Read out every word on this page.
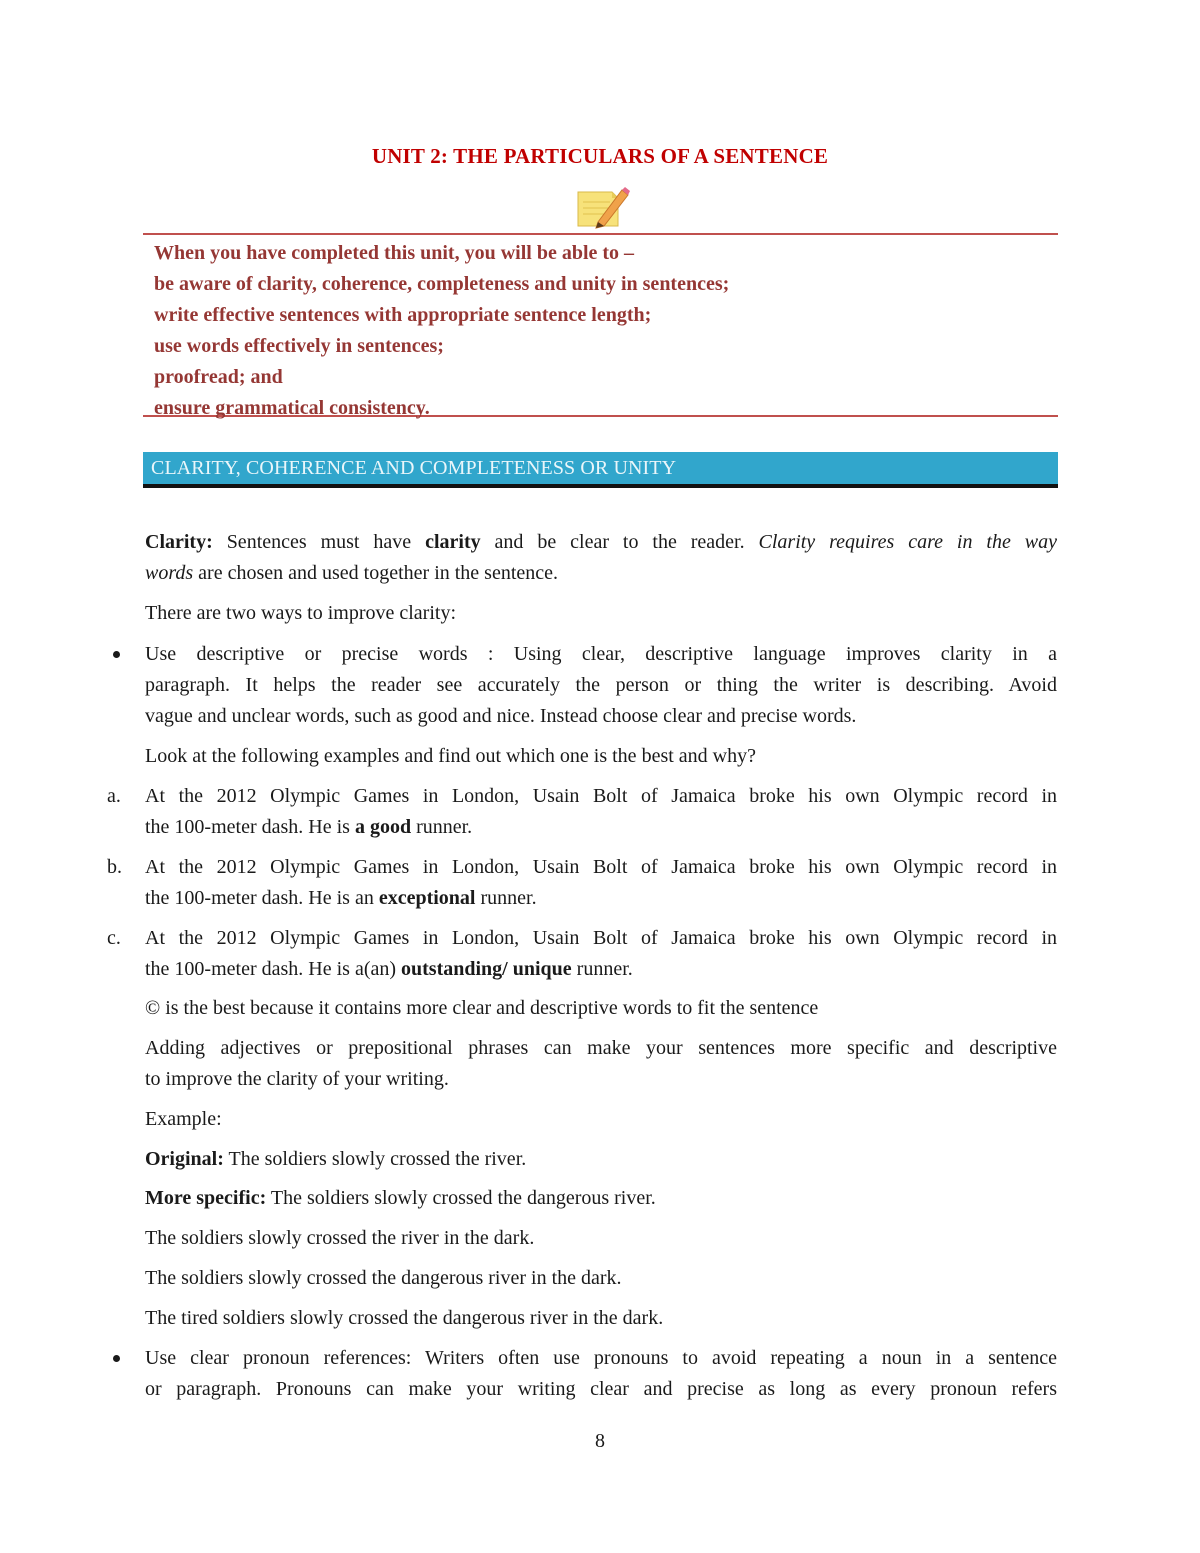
UNIT 2: THE PARTICULARS OF A SENTENCE
When you have completed this unit, you will be able to –
be aware of clarity, coherence, completeness and unity in sentences;
write effective sentences with appropriate sentence length;
use words effectively in sentences;
proofread; and
ensure grammatical consistency.
CLARITY, COHERENCE AND COMPLETENESS OR UNITY
Clarity: Sentences must have clarity and be clear to the reader. Clarity requires care in the way
words are chosen and used together in the sentence.
There are two ways to improve clarity:
Use descriptive or precise words : Using clear, descriptive language improves clarity in a
paragraph. It helps the reader see accurately the person or thing the writer is describing. Avoid
vague and unclear words, such as good and nice. Instead choose clear and precise words.
Look at the following examples and find out which one is the best and why?
a. At the 2012 Olympic Games in London, Usain Bolt of Jamaica broke his own Olympic record in
the 100-meter dash. He is a good runner.
b. At the 2012 Olympic Games in London, Usain Bolt of Jamaica broke his own Olympic record in
the 100-meter dash. He is an exceptional runner.
c. At the 2012 Olympic Games in London, Usain Bolt of Jamaica broke his own Olympic record in
the 100-meter dash. He is a(an) outstanding/ unique runner.
© is the best because it contains more clear and descriptive words to fit the sentence
Adding adjectives or prepositional phrases can make your sentences more specific and descriptive
to improve the clarity of your writing.
Example:
Original: The soldiers slowly crossed the river.
More specific: The soldiers slowly crossed the dangerous river.
The soldiers slowly crossed the river in the dark.
The soldiers slowly crossed the dangerous river in the dark.
The tired soldiers slowly crossed the dangerous river in the dark.
Use clear pronoun references: Writers often use pronouns to avoid repeating a noun in a sentence
or paragraph. Pronouns can make your writing clear and precise as long as every pronoun refers
8
